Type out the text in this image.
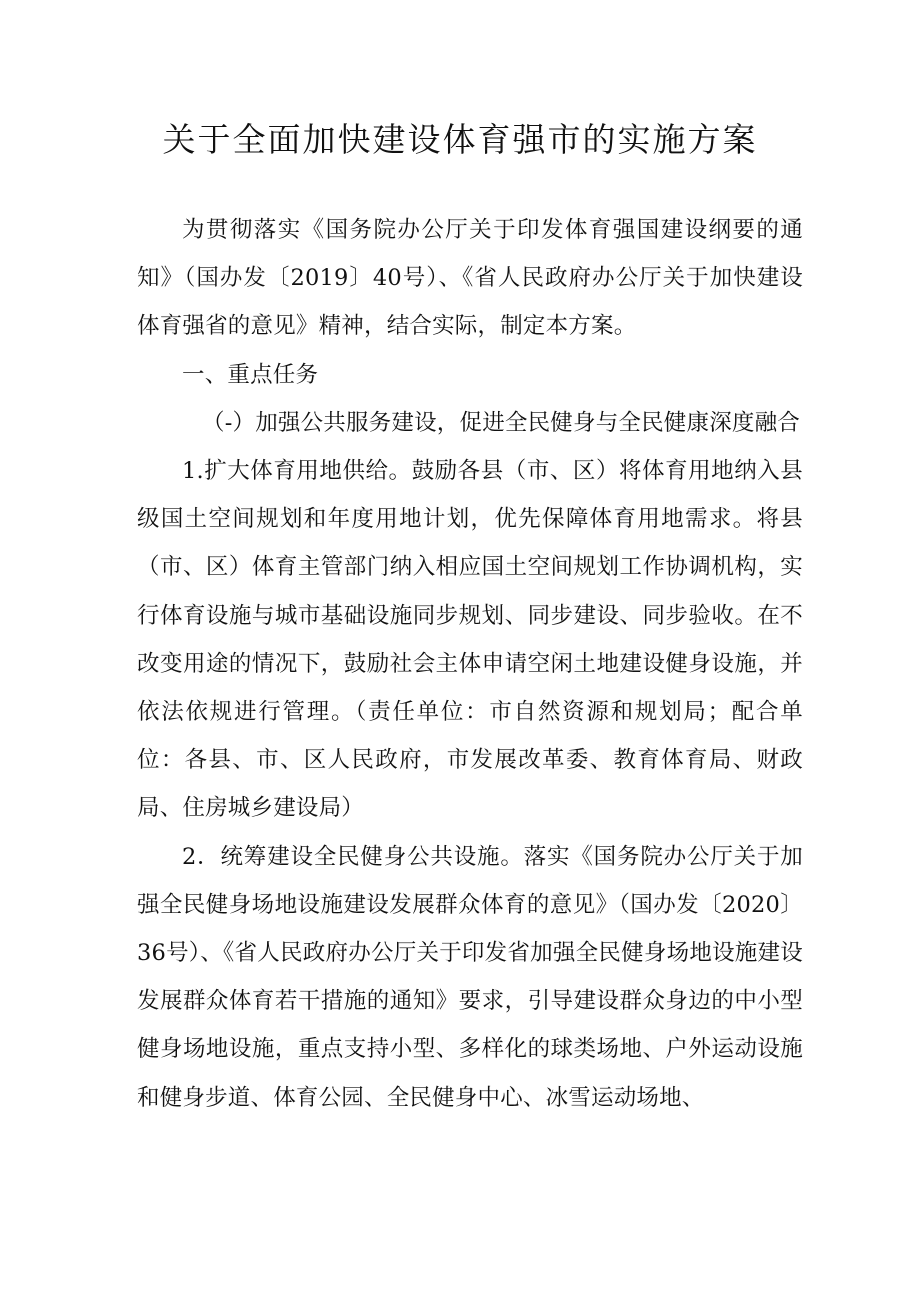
关于全面加快建设体育强市的实施方案

为贯彻落实《国务院办公厅关于印发体育强国建设纲要的通知》（国办发〔2019〕40号）、《省人民政府办公厅关于加快建设体育强省的意见》精神，结合实际，制定本方案。

一、重点任务

（-）加强公共服务建设，促进全民健身与全民健康深度融合

1.扩大体育用地供给。鼓励各县（市、区）将体育用地纳入县级国土空间规划和年度用地计划，优先保障体育用地需求。将县（市、区）体育主管部门纳入相应国土空间规划工作协调机构，实行体育设施与城市基础设施同步规划、同步建设、同步验收。在不改变用途的情况下，鼓励社会主体申请空闲土地建设健身设施，并依法依规进行管理。（责任单位：市自然资源和规划局；配合单位：各县、市、区人民政府，市发展改革委、教育体育局、财政局、住房城乡建设局）

2．统筹建设全民健身公共设施。落实《国务院办公厅关于加强全民健身场地设施建设发展群众体育的意见》（国办发〔2020〕36号）、《省人民政府办公厅关于印发省加强全民健身场地设施建设发展群众体育若干措施的通知》要求，引导建设群众身边的中小型健身场地设施，重点支持小型、多样化的球类场地、户外运动设施和健身步道、体育公园、全民健身中心、冰雪运动场地、
